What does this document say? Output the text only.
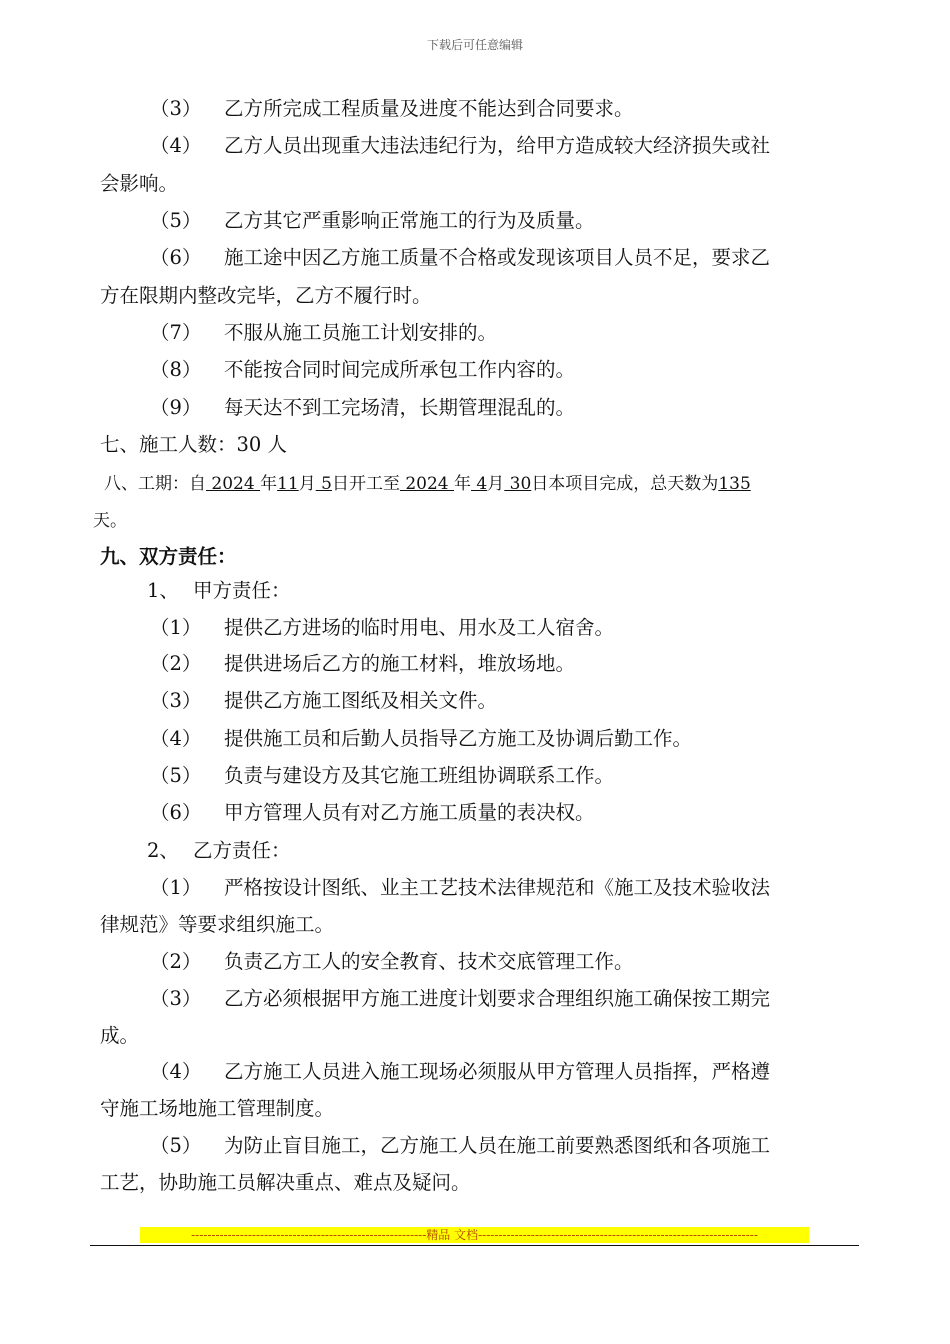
下载后可任意编辑
（3） 乙方所完成工程质量及进度不能达到合同要求。
（4） 乙方人员出现重大违法违纪行为，给甲方造成较大经济损失或社
会影响。
（5） 乙方其它严重影响正常施工的行为及质量。
（6） 施工途中因乙方施工质量不合格或发现该项目人员不足，要求乙
方在限期内整改完毕，乙方不履行时。
（7） 不服从施工员施工计划安排的。
（8） 不能按合同时间完成所承包工作内容的。
（9） 每天达不到工完场清，长期管理混乱的。
七、施工人数：30 人
八、工期：自 2024 年11月 5日开工至 2024 年 4月 30日本项目完成，总天数为135
天。
九、双方责任：
1、 甲方责任：
（1） 提供乙方进场的临时用电、用水及工人宿舍。
（2） 提供进场后乙方的施工材料，堆放场地。
（3） 提供乙方施工图纸及相关文件。
（4） 提供施工员和后勤人员指导乙方施工及协调后勤工作。
（5） 负责与建设方及其它施工班组协调联系工作。
（6） 甲方管理人员有对乙方施工质量的表决权。
2、 乙方责任：
（1） 严格按设计图纸、业主工艺技术法律规范和《施工及技术验收法
律规范》等要求组织施工。
（2） 负责乙方工人的安全教育、技术交底管理工作。
（3） 乙方必须根据甲方施工进度计划要求合理组织施工确保按工期完
成。
（4） 乙方施工人员进入施工现场必须服从甲方管理人员指挥，严格遵
守施工场地施工管理制度。
（5） 为防止盲目施工，乙方施工人员在施工前要熟悉图纸和各项施工
工艺，协助施工员解决重点、难点及疑问。
----------------------------------------------------------精品 文档---------------------------------------------------------------------
